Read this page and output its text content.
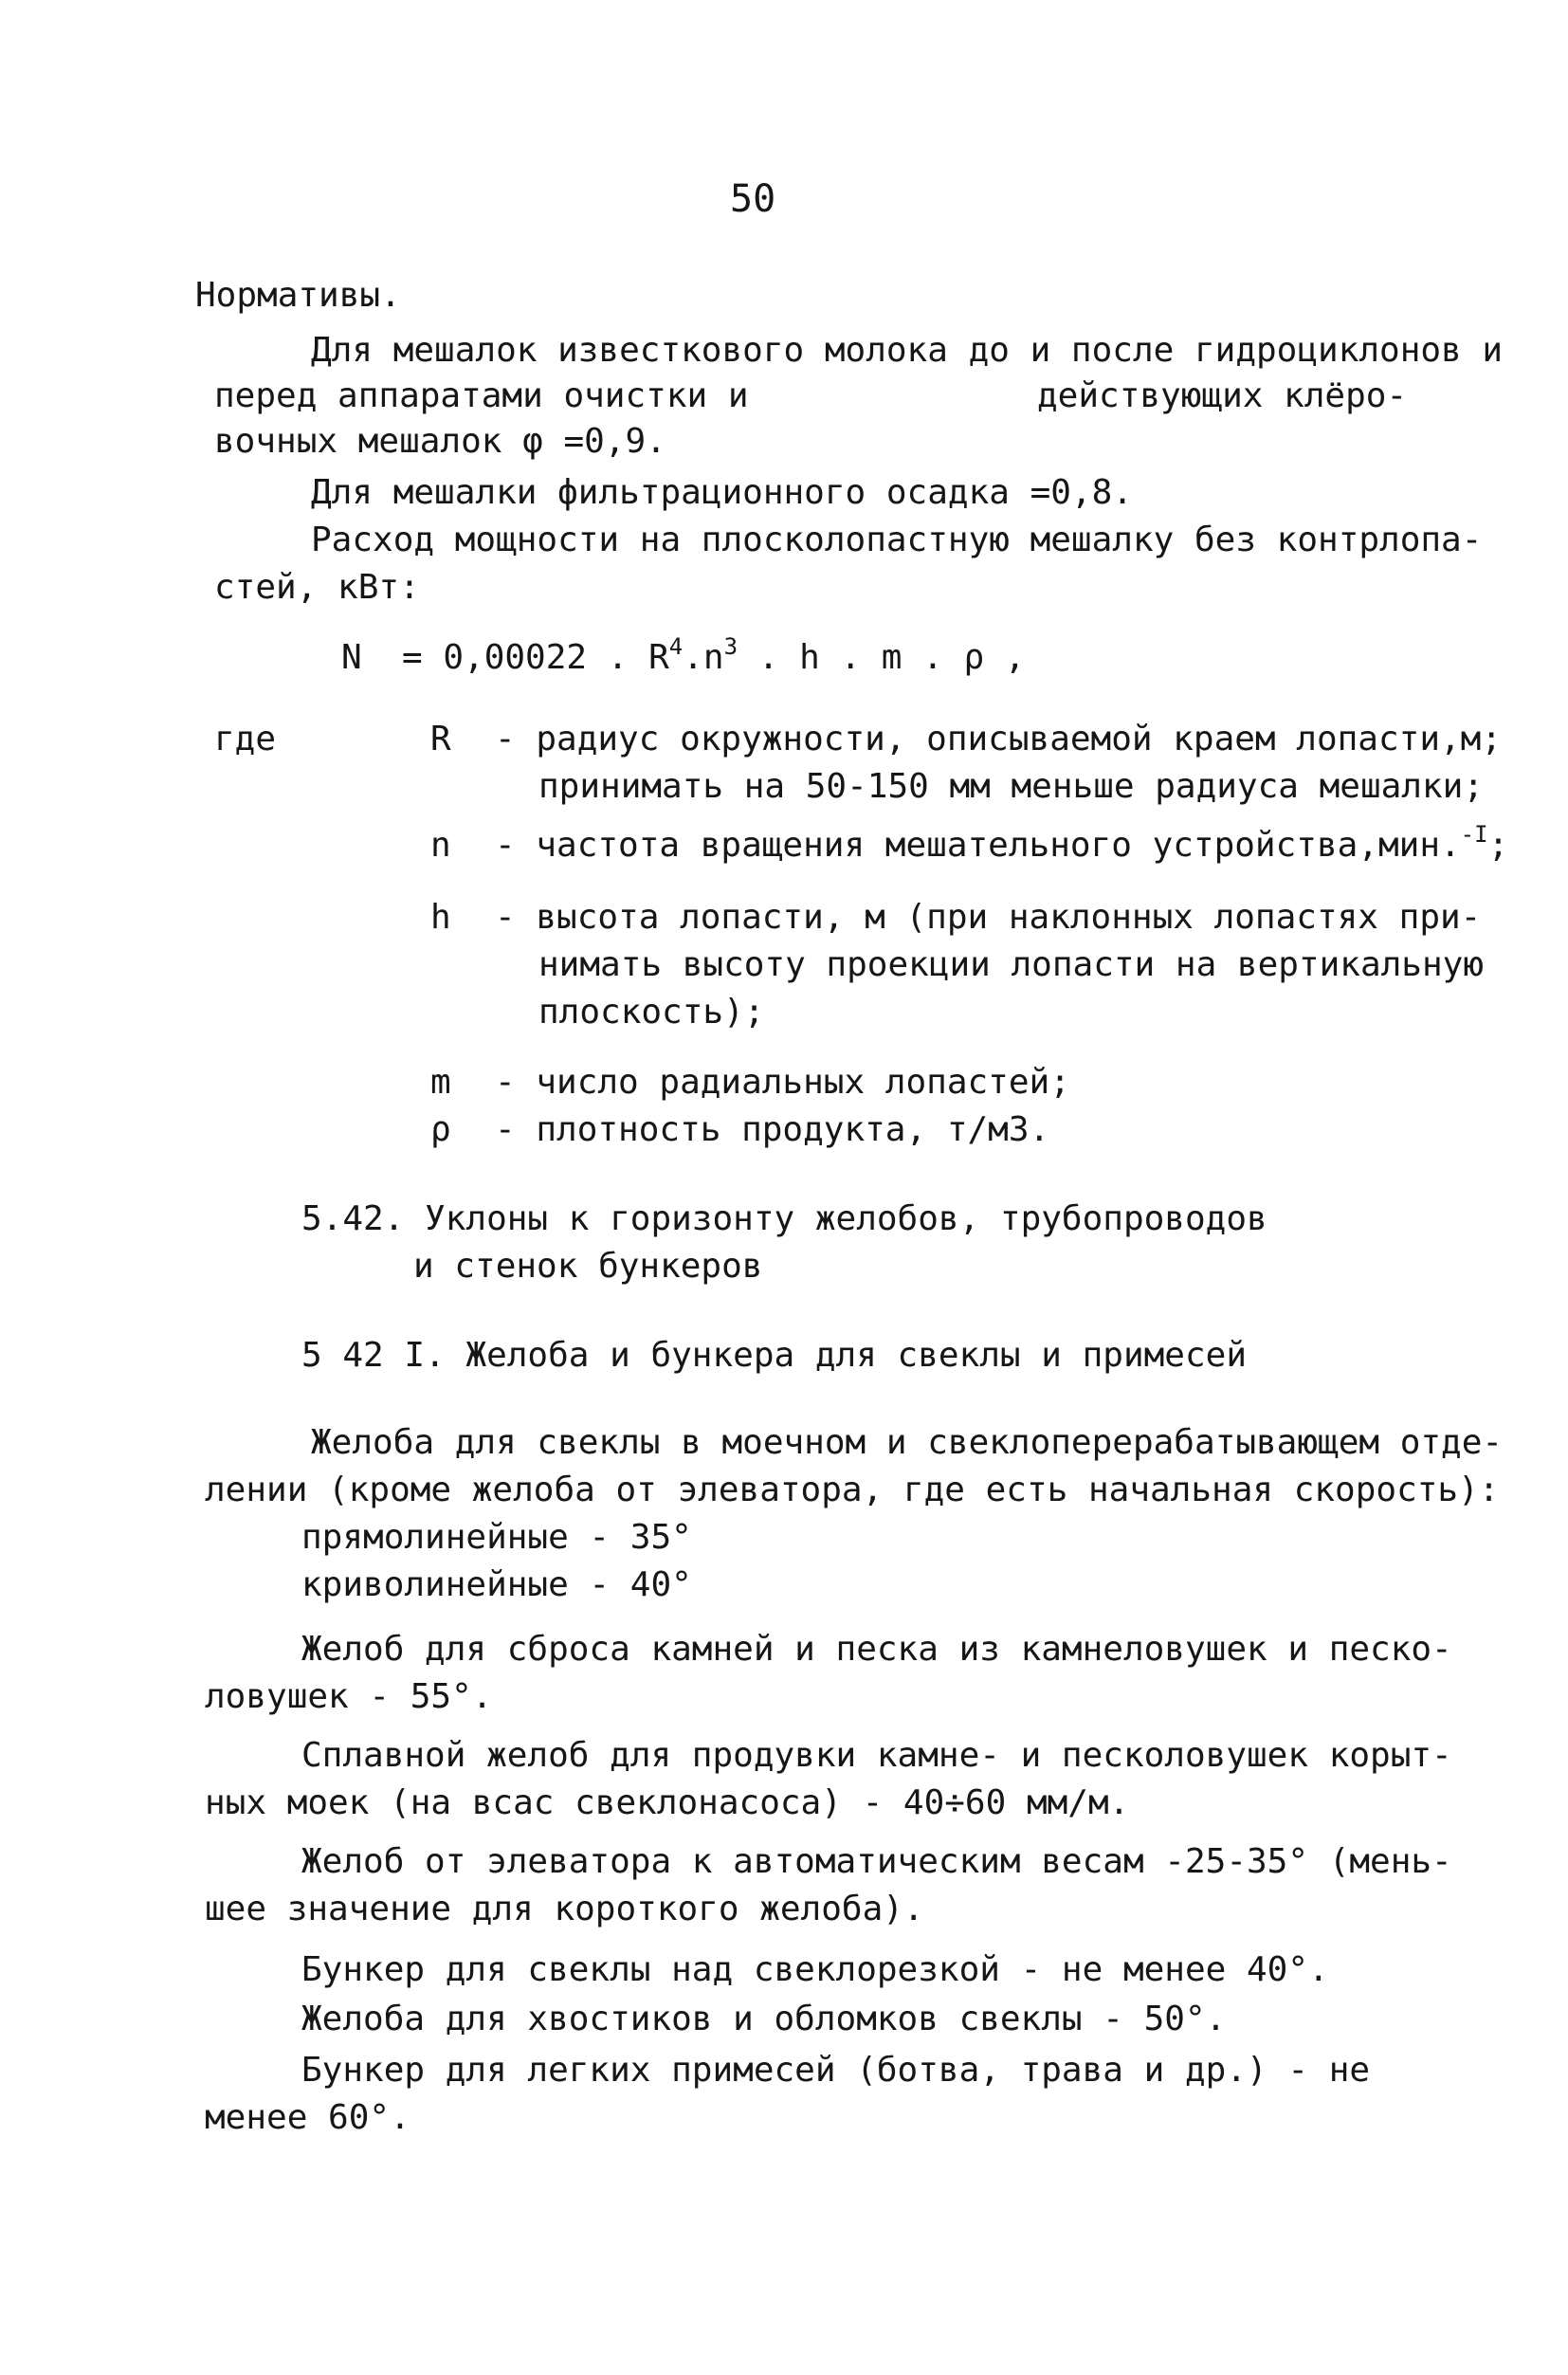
50
Нормативы.
Для мешалок известкового молока до и после гидроциклонов и
перед аппаратами очистки и	действующих клёро-
вочных мешалок φ =0,9.
Для мешалки фильтрационного осадка =0,8.
Расход мощности на плосколопастную мешалку без контрлопа-
стей, кВт:
N = 0,00022 . $R^4.n^3$ . h . m . ρ ,
где	R - радиус окружности, описываемой краем лопасти,м;
принимать на 50-150 мм меньше радиуса мешалки;
n - частота вращения мешательного устройства,мин.$^{-I}$;
h - высота лопасти, м (при наклонных лопастях при-
нимать высоту проекции лопасти на вертикальную
плоскость);
m - число радиальных лопастей;
ρ - плотность продукта, т/м3.
5.42. Уклоны к горизонту желобов, трубопроводов
и стенок бункеров
5 42 I. Желоба и бункера для свеклы и примесей
Желоба для свеклы в моечном и свеклоперерабатывающем отде-
лении (кроме желоба от элеватора, где есть начальная скорость):
прямолинейные - 35°
криволинейные - 40°
Желоб для сброса камней и песка из камнеловушек и песко-
ловушек - 55°.
Сплавной желоб для продувки камне- и песколовушек корыт-
ных моек (на всас свеклонасоса) - 40÷60 мм/м.
Желоб от элеватора к автоматическим весам -25-35° (мень-
шее значение для короткого желоба).
Бункер для свеклы над свеклорезкой - не менее 40°.
Желоба для хвостиков и обломков свеклы - 50°.
Бункер для легких примесей (ботва, трава и др.) - не
менее 60°.
